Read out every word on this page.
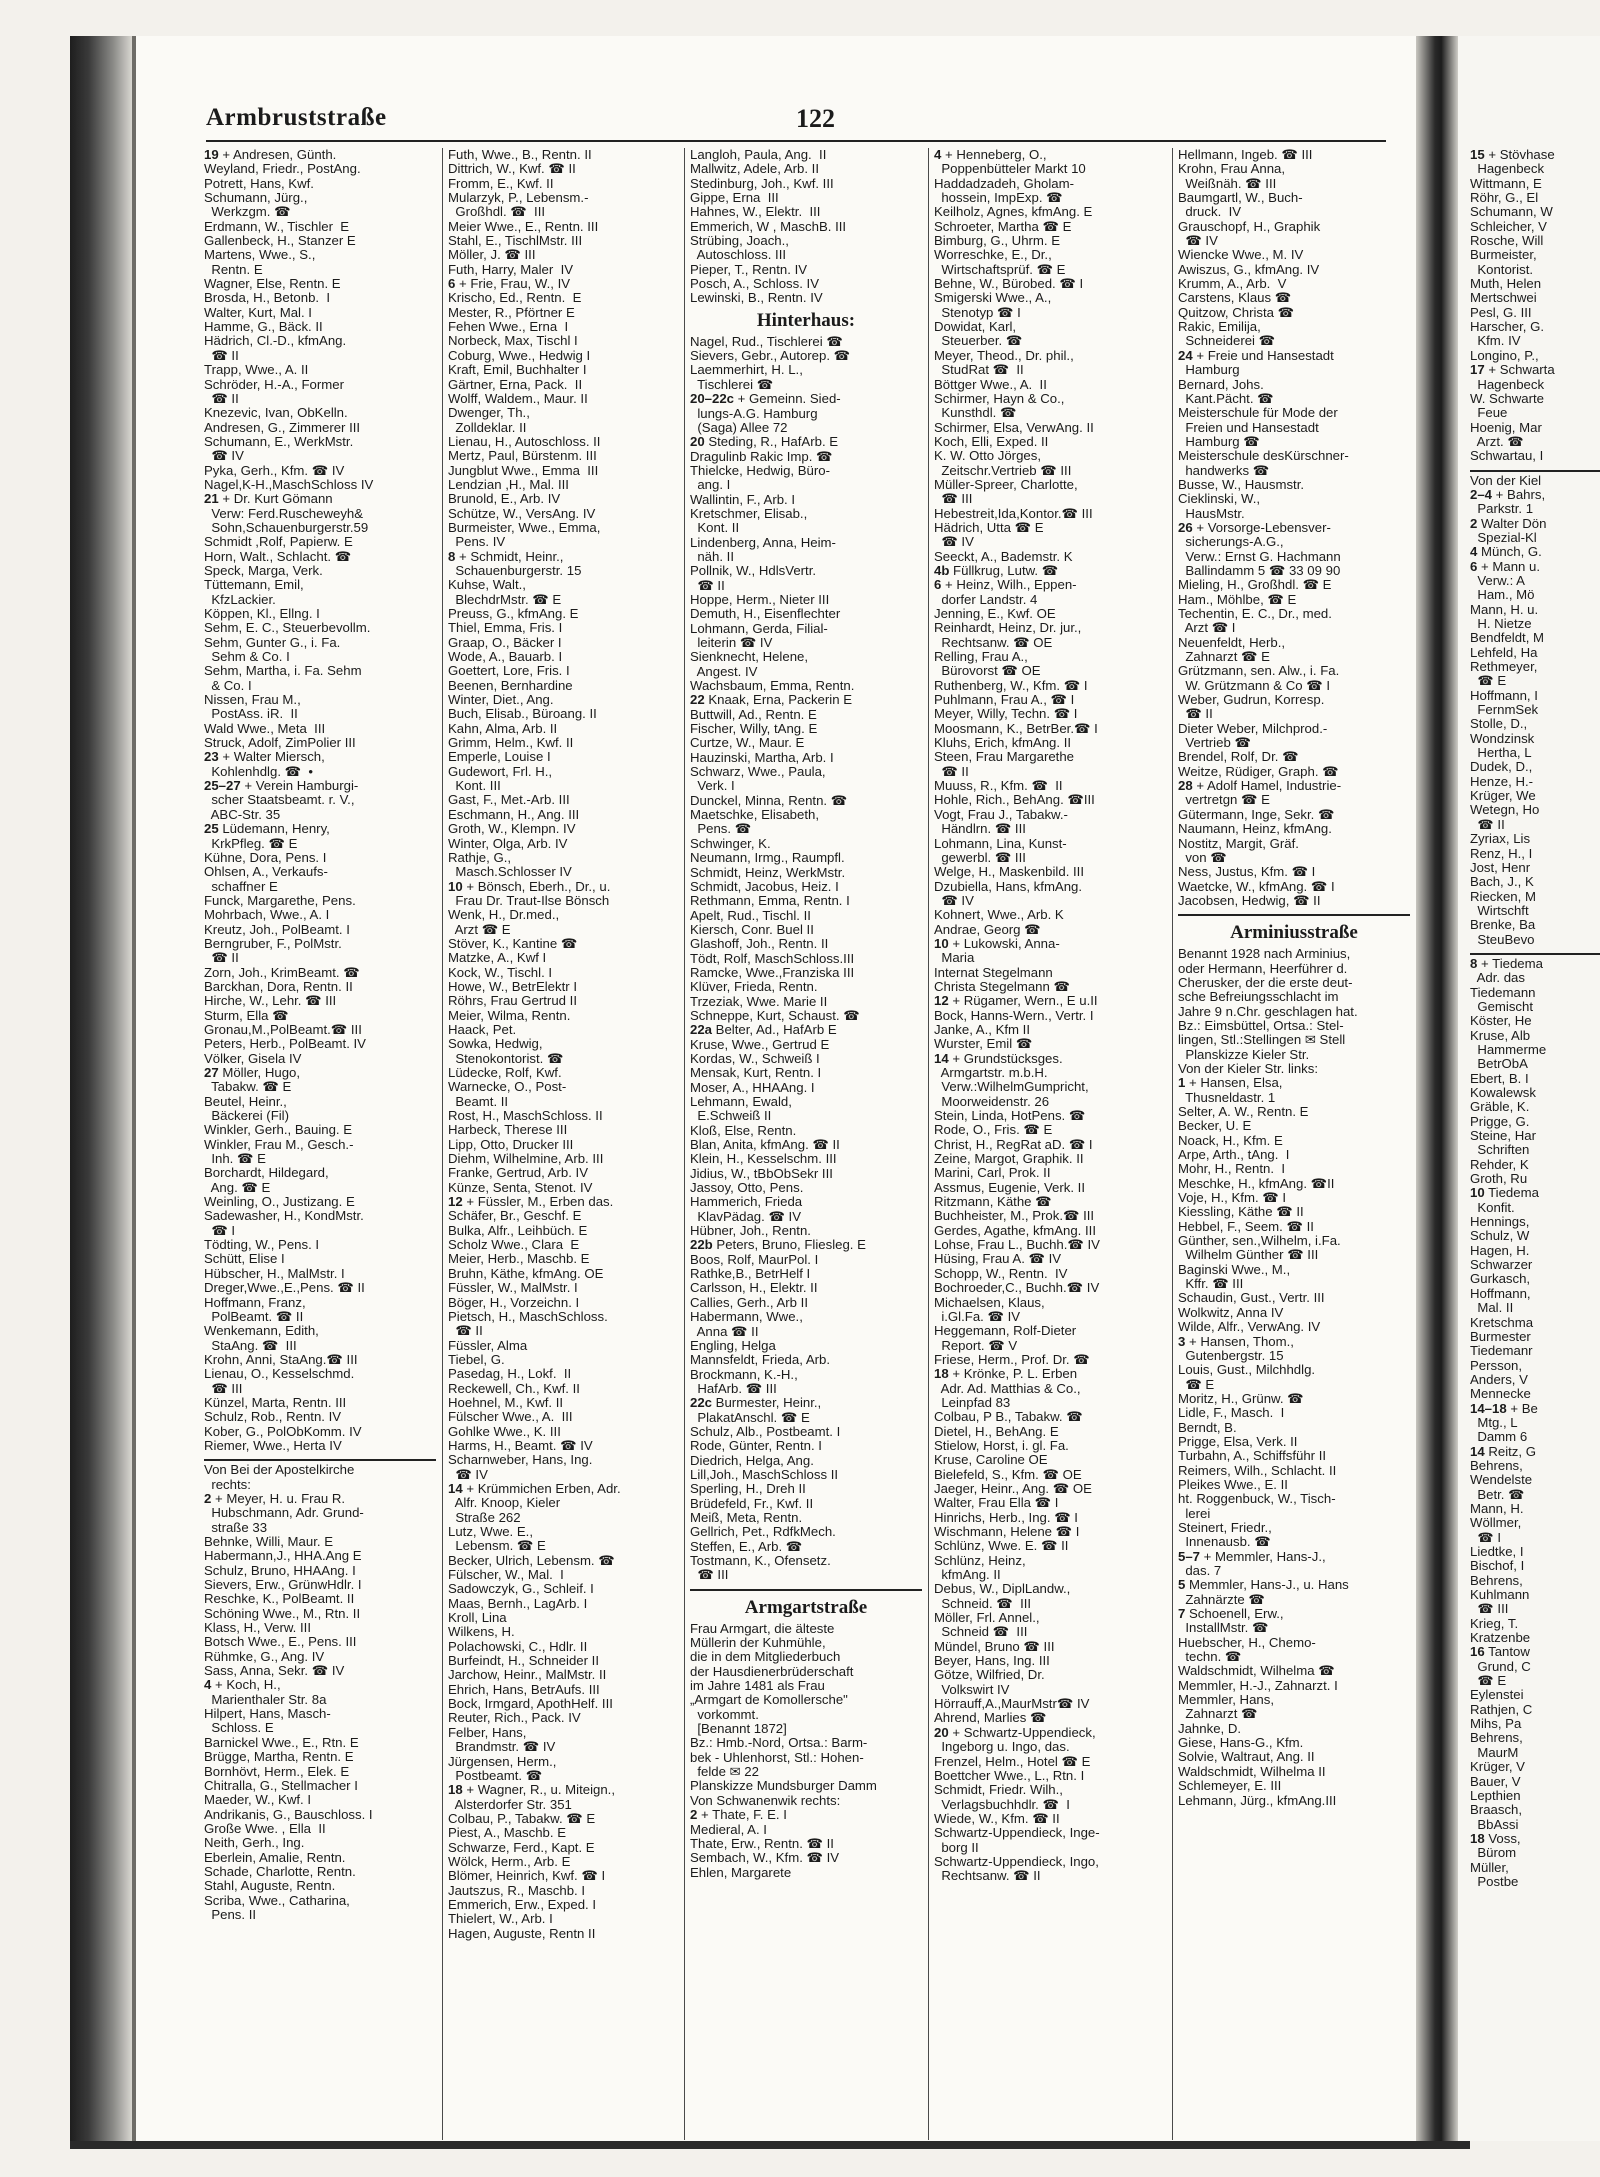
Armbruststraße	122
19 + Andresen, Günth.
Weyland, Friedr., PostAng.
Potrett, Hans, Kwf.
Schumann, Jürg.,
Werkzgm. ☎
Erdmann, W., Tischler  E
Gallenbeck, H., Stanzer E
Martens, Wwe., S.,
Rentn. E
Wagner, Else, Rentn. E
Brosda, H., Betonb.  I
Walter, Kurt, Mal. I
Hamme, G., Bäck. II
Hädrich, Cl.-D., kfmAng.
☎ II
Trapp, Wwe., A. II
Schröder, H.-A., Former
☎ II
Knezevic, Ivan, ObKelln.
Andresen, G., Zimmerer III
Schumann, E., WerkMstr.
☎ IV
Pyka, Gerh., Kfm. ☎ IV
Nagel,K-H.,MaschSchloss IV
21 + Dr. Kurt Gömann
Verw: Ferd.Ruscheweyh&
Sohn,Schauenburgerstr.59
Schmidt ,Rolf, Papierw. E
Horn, Walt., Schlacht. ☎
Speck, Marga, Verk.
Tüttemann, Emil,
KfzLackier.
Köppen, Kl., Ellng. I
Sehm, E. C., Steuerbevollm.
Sehm, Gunter G., i. Fa.
Sehm & Co. I
Sehm, Martha, i. Fa. Sehm
& Co. I
Nissen, Frau M.,
PostAss. iR.  II
Wald Wwe., Meta  III
Struck, Adolf, ZimPolier III
23 + Walter Miersch,
Kohlenhdlg. ☎  •
25–27 + Verein Hamburgi-
scher Staatsbeamt. r. V.,
ABC-Str. 35
25 Lüdemann, Henry,
KrkPfleg. ☎ E
Kühne, Dora, Pens. I
Ohlsen, A., Verkaufs-
schaffner E
Funck, Margarethe, Pens.
Mohrbach, Wwe., A. I
Kreutz, Joh., PolBeamt. I
Berngruber, F., PolMstr.
☎ II
Zorn, Joh., KrimBeamt. ☎
Barckhan, Dora, Rentn. II
Hirche, W., Lehr. ☎ III
Sturm, Ella ☎
Gronau,M.,PolBeamt.☎ III
Peters, Herb., PolBeamt. IV
Völker, Gisela IV
27 Möller, Hugo,
Tabakw. ☎ E
Beutel, Heinr.,
Bäckerei (Fil)
Winkler, Gerh., Bauing. E
Winkler, Frau M., Gesch.-
Inh. ☎ E
Borchardt, Hildegard,
Ang. ☎ E
Weinling, O., Justizang. E
Sadewasher, H., KondMstr.
☎ I
Tödting, W., Pens. I
Schütt, Elise I
Hübscher, H., MalMstr. I
Dreger,Wwe.,E.,Pens. ☎ II
Hoffmann, Franz,
PolBeamt. ☎ II
Wenkemann, Edith,
StaAng. ☎  III
Krohn, Anni, StaAng.☎ III
Lienau, O., Kesselschmd.
☎ III
Künzel, Marta, Rentn. III
Schulz, Rob., Rentn. IV
Kober, G., PolObKomm. IV
Riemer, Wwe., Herta IV
Von Bei der Apostelkirche
rechts:
2 + Meyer, H. u. Frau R.
Hubschmann, Adr. Grund-
straße 33
Behnke, Willi, Maur. E
Habermann,J., HHA.Ang E
Schulz, Bruno, HHAAng. I
Sievers, Erw., GrünwHdlr. I
Reschke, K., PolBeamt. II
Schöning Wwe., M., Rtn. II
Klass, H., Verw. III
Botsch Wwe., E., Pens. III
Rühmke, G., Ang. IV
Sass, Anna, Sekr. ☎ IV
4 + Koch, H.,
Marienthaler Str. 8a
Hilpert, Hans, Masch-
Schloss. E
Barnickel Wwe., E., Rtn. E
Brügge, Martha, Rentn. E
Bornhövt, Herm., Elek. E
Chitralla, G., Stellmacher I
Maeder, W., Kwf. I
Andrikanis, G., Bauschloss. I
Große Wwe. , Ella  II
Neith, Gerh., Ing.
Eberlein, Amalie, Rentn.
Schade, Charlotte, Rentn.
Stahl, Auguste, Rentn.
Scriba, Wwe., Catharina,
Pens. II
Futh, Wwe., B., Rentn. II
Dittrich, W., Kwf. ☎ II
Fromm, E., Kwf. II
Mularzyk, P., Lebensm.-
Großhdl. ☎  III
Meier Wwe., E., Rentn. III
Stahl, E., TischlMstr. III
Möller, J. ☎ III
Futh, Harry, Maler  IV
6 + Frie, Frau, W., IV
Krischo, Ed., Rentn.  E
Mester, R., Pförtner E
Fehen Wwe., Erna  I
Norbeck, Max, Tischl I
Coburg, Wwe., Hedwig I
Kraft, Emil, Buchhalter I
Gärtner, Erna, Pack.  II
Wolff, Waldem., Maur. II
Dwenger, Th.,
Zolldeklar. II
Lienau, H., Autoschloss. II
Mertz, Paul, Bürstenm. III
Jungblut Wwe., Emma  III
Lendzian ,H., Mal. III
Brunold, E., Arb. IV
Schütze, W., VersAng. IV
Burmeister, Wwe., Emma,
Pens. IV
8 + Schmidt, Heinr.,
Schauenburgerstr. 15
Kuhse, Walt.,
BlechdrMstr. ☎ E
Preuss, G., kfmAng. E
Thiel, Emma, Fris. I
Graap, O., Bäcker I
Wode, A., Bauarb. I
Goettert, Lore, Fris. I
Beenen, Bernhardine
Winter, Diet., Ang.
Buch, Elisab., Büroang. II
Kahn, Alma, Arb. II
Grimm, Helm., Kwf. II
Emperle, Louise I
Gudewort, Frl. H.,
Kont. III
Gast, F., Met.-Arb. III
Eschmann, H., Ang. III
Groth, W., Klempn. IV
Winter, Olga, Arb. IV
Rathje, G.,
Masch.Schlosser IV
10 + Bönsch, Eberh., Dr., u.
Frau Dr. Traut-Ilse Bönsch
Wenk, H., Dr.med.,
Arzt ☎ E
Stöver, K., Kantine ☎
Matzke, A., Kwf I
Kock, W., Tischl. I
Howe, W., BetrElektr I
Röhrs, Frau Gertrud II
Meier, Wilma, Rentn.
Haack, Pet.
Sowka, Hedwig,
Stenokontorist. ☎
Lüdecke, Rolf, Kwf.
Warnecke, O., Post-
Beamt. II
Rost, H., MaschSchloss. II
Harbeck, Therese III
Lipp, Otto, Drucker III
Diehm, Wilhelmine, Arb. III
Franke, Gertrud, Arb. IV
Künze, Senta, Stenot. IV
12 + Füssler, M., Erben das.
Schäfer, Br., Geschf. E
Bulka, Alfr., Leihbüch. E
Scholz Wwe., Clara  E
Meier, Herb., Maschb. E
Bruhn, Käthe, kfmAng. OE
Füssler, W., MalMstr. I
Böger, H., Vorzeichn. I
Pietsch, H., MaschSchloss.
☎ II
Füssler, Alma
Tiebel, G.
Pasedag, H., Lokf.  II
Reckewell, Ch., Kwf. II
Hoehnel, M., Kwf. II
Fülscher Wwe., A.  III
Gohlke Wwe., K. III
Harms, H., Beamt. ☎ IV
Scharnweber, Hans, Ing.
☎ IV
14 + Krümmichen Erben, Adr.
Alfr. Knoop, Kieler
Straße 262
Lutz, Wwe. E.,
Lebensm. ☎ E
Becker, Ulrich, Lebensm. ☎
Fülscher, W., Mal.  I
Sadowczyk, G., Schleif. I
Maas, Bernh., LagArb. I
Kroll, Lina
Wilkens, H.
Polachowski, C., Hdlr. II
Burfeindt, H., Schneider II
Jarchow, Heinr., MalMstr. II
Ehrich, Hans, BetrAufs. III
Bock, Irmgard, ApothHelf. III
Reuter, Rich., Pack. IV
Felber, Hans,
Brandmstr. ☎ IV
Jürgensen, Herm.,
Postbeamt. ☎
18 + Wagner, R., u. Miteign.,
Alsterdorfer Str. 351
Colbau, P., Tabakw. ☎ E
Piest, A., Maschb. E
Schwarze, Ferd., Kapt. E
Wölck, Herm., Arb. E
Blömer, Heinrich, Kwf. ☎ I
Jautszus, R., Maschb. I
Emmerich, Erw., Exped. I
Thielert, W., Arb. I
Hagen, Auguste, Rentn II
Langloh, Paula, Ang.  II
Mallwitz, Adele, Arb. II
Stedinburg, Joh., Kwf. III
Gippe, Erna  III
Hahnes, W., Elektr.  III
Emmerich, W , MaschB. III
Strübing, Joach.,
Autoschloss. III
Pieper, T., Rentn. IV
Posch, A., Schloss. IV
Lewinski, B., Rentn. IV
Hinterhaus:
Nagel, Rud., Tischlerei ☎
Sievers, Gebr., Autorep. ☎
Laemmerhirt, H. L.,
Tischlerei ☎
20–22c + Gemeinn. Sied-
lungs-A.G. Hamburg
(Saga) Allee 72
20 Steding, R., HafArb. E
Dragulinb Rakic Imp. ☎
Thielcke, Hedwig, Büro-
ang. I
Wallintin, F., Arb. I
Kretschmer, Elisab.,
Kont. II
Lindenberg, Anna, Heim-
näh. II
Pollnik, W., HdlsVertr.
☎ II
Hoppe, Herm., Nieter III
Demuth, H., Eisenflechter
Lohmann, Gerda, Filial-
leiterin ☎ IV
Sienknecht, Helene,
Angest. IV
Wachsbaum, Emma, Rentn.
22 Knaak, Erna, Packerin E
Buttwill, Ad., Rentn. E
Fischer, Willy, tAng. E
Curtze, W., Maur. E
Hauzinski, Martha, Arb. I
Schwarz, Wwe., Paula,
Verk. I
Dunckel, Minna, Rentn. ☎
Maetschke, Elisabeth,
Pens. ☎
Schwinger, K.
Neumann, Irmg., Raumpfl.
Schmidt, Heinz, WerkMstr.
Schmidt, Jacobus, Heiz. I
Rethmann, Emma, Rentn. I
Apelt, Rud., Tischl. II
Kiersch, Conr. Buel II
Glashoff, Joh., Rentn. II
Tödt, Rolf, MaschSchloss.III
Ramcke, Wwe.,Franziska III
Klüver, Frieda, Rentn.
Trzeziak, Wwe. Marie II
Schneppe, Kurt, Schaust. ☎
22a Belter, Ad., HafArb E
Kruse, Wwe., Gertrud E
Kordas, W., Schweiß I
Mensak, Kurt, Rentn. I
Moser, A., HHAAng. I
Lehmann, Ewald,
E.Schweiß II
Kloß, Else, Rentn.
Blan, Anita, kfmAng. ☎ II
Klein, H., Kesselschm. III
Jidius, W., tBbObSekr III
Jassoy, Otto, Pens.
Hammerich, Frieda
KlavPädag. ☎ IV
Hübner, Joh., Rentn.
22b Peters, Bruno, Fliesleg. E
Boos, Rolf, MaurPol. I
Rathke,B., BetrHelf I
Carlsson, H., Elektr. II
Callies, Gerh., Arb II
Habermann, Wwe.,
Anna ☎ II
Engling, Helga
Mannsfeldt, Frieda, Arb.
Brockmann, K.-H.,
HafArb. ☎ III
22c Burmester, Heinr.,
PlakatAnschl. ☎ E
Schulz, Alb., Postbeamt. I
Rode, Günter, Rentn. I
Diedrich, Helga, Ang.
Lill,Joh., MaschSchloss II
Sperling, H., Dreh II
Brüdefeld, Fr., Kwf. II
Meiß, Meta, Rentn.
Gellrich, Pet., RdfkMech.
Steffen, E., Arb. ☎
Tostmann, K., Ofensetz.
☎ III
Armgartstraße
Frau Armgart, die älteste
Müllerin der Kuhmühle,
die in dem Mitgliederbuch
der Hausdienerbrüderschaft
im Jahre 1481 als Frau
„Armgart de Komollersche"
vorkommt.
[Benannt 1872]
Bz.: Hmb.-Nord, Ortsa.: Barm-
bek - Uhlenhorst, Stl.: Hohen-
felde ✉ 22
Planskizze Mundsburger Damm
Von Schwanenwik rechts:
2 + Thate, F. E. I
Medieral, A. I
Thate, Erw., Rentn. ☎ II
Sembach, W., Kfm. ☎ IV
Ehlen, Margarete
4 + Henneberg, O.,
Poppenbütteler Markt 10
Haddadzadeh, Gholam-
hossein, ImpExp. ☎
Keilholz, Agnes, kfmAng. E
Schroeter, Martha ☎ E
Bimburg, G., Uhrm. E
Worreschke, E., Dr.,
Wirtschaftsprüf. ☎ E
Behne, W., Bürobed. ☎ I
Smigerski Wwe., A.,
Stenotyp ☎ I
Dowidat, Karl,
Steuerber. ☎
Meyer, Theod., Dr. phil.,
StudRat ☎  II
Böttger Wwe., A.  II
Schirmer, Hayn & Co.,
Kunsthdl. ☎
Schirmer, Elsa, VerwAng. II
Koch, Elli, Exped. II
K. W. Otto Jörges,
Zeitschr.Vertrieb ☎ III
Müller-Spreer, Charlotte,
☎ III
Hebestreit,Ida,Kontor.☎ III
Hädrich, Utta ☎ E
☎ IV
Seeckt, A., Bademstr. K
4b Füllkrug, Lutw. ☎
6 + Heinz, Wilh., Eppen-
dorfer Landstr. 4
Jenning, E., Kwf. OE
Reinhardt, Heinz, Dr. jur.,
Rechtsanw. ☎ OE
Relling, Frau A.,
Bürovorst ☎ OE
Ruthenberg, W., Kfm. ☎ I
Puhlmann, Frau A., ☎ I
Meyer, Willy, Techn. ☎ I
Moosmann, K., BetrBer.☎ I
Kluhs, Erich, kfmAng. II
Steen, Frau Margarethe
☎ II
Muuss, R., Kfm. ☎  II
Hohle, Rich., BehAng. ☎III
Vogt, Frau J., Tabakw.-
Händlrn. ☎ III
Lohmann, Lina, Kunst-
gewerbl. ☎ III
Welge, H., Maskenbild. III
Dzubiella, Hans, kfmAng.
☎ IV
Kohnert, Wwe., Arb. K
Andrae, Georg ☎
10 + Lukowski, Anna-
Maria
Internat Stegelmann
Christa Stegelmann ☎
12 + Rügamer, Wern., E u.II
Bock, Hanns-Wern., Vertr. I
Janke, A., Kfm II
Wurster, Emil ☎
14 + Grundstücksges.
Armgartstr. m.b.H.
Verw.:WilhelmGumpricht,
Moorweidenstr. 26
Stein, Linda, HotPens. ☎
Rode, O., Fris. ☎ E
Christ, H., RegRat aD. ☎ I
Zeine, Margot, Graphik. II
Marini, Carl, Prok. II
Assmus, Eugenie, Verk. II
Ritzmann, Käthe ☎
Buchheister, M., Prok.☎ III
Gerdes, Agathe, kfmAng. III
Lohse, Frau L., Buchh.☎ IV
Hüsing, Frau A. ☎ IV
Schopp, W., Rentn.  IV
Bochroeder,C., Buchh.☎ IV
Michaelsen, Klaus,
i.Gl.Fa. ☎ IV
Heggemann, Rolf-Dieter
Report. ☎ V
Friese, Herm., Prof. Dr. ☎
18 + Krönke, P. L. Erben
Adr. Ad. Matthias & Co.,
Leinpfad 83
Colbau, P B., Tabakw. ☎
Dietel, H., BehAng. E
Stielow, Horst, i. gl. Fa.
Kruse, Caroline OE
Bielefeld, S., Kfm. ☎ OE
Jaeger, Heinr., Ang. ☎ OE
Walter, Frau Ella ☎ I
Hinrichs, Herb., Ing. ☎ I
Wischmann, Helene ☎ I
Schlünz, Wwe. E. ☎ II
Schlünz, Heinz,
kfmAng. II
Debus, W., DiplLandw.,
Schneid. ☎  III
Möller, Frl. Annel.,
Schneid ☎  III
Mündel, Bruno ☎ III
Beyer, Hans, Ing. III
Götze, Wilfried, Dr.
Volkswirt IV
Hörrauff,A.,MaurMstr☎ IV
Ahrend, Marlies ☎
20 + Schwartz-Uppendieck,
Ingeborg u. Ingo, das.
Frenzel, Helm., Hotel ☎ E
Boettcher Wwe., L., Rtn. I
Schmidt, Friedr. Wilh.,
Verlagsbuchhdlr. ☎  I
Wiede, W., Kfm. ☎ II
Schwartz-Uppendieck, Inge-
borg II
Schwartz-Uppendieck, Ingo,
Rechtsanw. ☎ II
Hellmann, Ingeb. ☎ III
Krohn, Frau Anna,
Weißnäh. ☎ III
Baumgartl, W., Buch-
druck.  IV
Grauschopf, H., Graphik
☎ IV
Wiencke Wwe., M. IV
Awiszus, G., kfmAng. IV
Krumm, A., Arb.  V
Carstens, Klaus ☎
Quitzow, Christa ☎
Rakic, Emilija,
Schneiderei ☎
24 + Freie und Hansestadt
Hamburg
Bernard, Johs.
Kant.Pächt. ☎
Meisterschule für Mode der
Freien und Hansestadt
Hamburg ☎
Meisterschule desKürschner-
handwerks ☎
Busse, W., Hausmstr.
Cieklinski, W.,
HausMstr.
26 + Vorsorge-Lebensver-
sicherungs-A.G.,
Verw.: Ernst G. Hachmann
Ballindamm 5 ☎ 33 09 90
Mieling, H., Großhdl. ☎ E
Ham., Möhlbe, ☎ E
Techentin, E. C., Dr., med.
Arzt ☎ I
Neuenfeldt, Herb.,
Zahnarzt ☎ E
Grützmann, sen. Alw., i. Fa.
W. Grützmann & Co ☎ I
Weber, Gudrun, Korresp.
☎ II
Dieter Weber, Milchprod.-
Vertrieb ☎
Brendel, Rolf, Dr. ☎
Weitze, Rüdiger, Graph. ☎
28 + Adolf Hamel, Industrie-
vertretgn ☎ E
Gütermann, Inge, Sekr. ☎
Naumann, Heinz, kfmAng.
Nostitz, Margit, Gräf.
von ☎
Ness, Justus, Kfm. ☎ I
Waetcke, W., kfmAng. ☎ I
Jacobsen, Hedwig, ☎ II
Arminiusstraße
Benannt 1928 nach Arminius,
oder Hermann, Heerführer d.
Cherusker, der die erste deut-
sche Befreiungsschlacht im
Jahre 9 n.Chr. geschlagen hat.
Bz.: Eimsbüttel, Ortsa.: Stel-
lingen, Stl.:Stellingen ✉ Stell
Planskizze Kieler Str.
Von der Kieler Str. links:
1 + Hansen, Elsa,
Thusneldastr. 1
Selter, A. W., Rentn. E
Becker, U. E
Noack, H., Kfm. E
Arpe, Arth., tAng.  I
Mohr, H., Rentn.  I
Meschke, H., kfmAng. ☎II
Voje, H., Kfm. ☎ I
Kiessling, Käthe ☎ II
Hebbel, F., Seem. ☎ II
Günther, sen.,Wilhelm, i.Fa.
Wilhelm Günther ☎ III
Baginski Wwe., M.,
Kffr. ☎ III
Schaudin, Gust., Vertr. III
Wolkwitz, Anna IV
Wilde, Alfr., VerwAng. IV
3 + Hansen, Thom.,
Gutenbergstr. 15
Louis, Gust., Milchhdlg.
☎ E
Moritz, H., Grünw. ☎
Lidle, F., Masch.  I
Berndt, B.
Prigge, Elsa, Verk. II
Turbahn, A., Schiffsführ II
Reimers, Wilh., Schlacht. II
Pleikes Wwe., E. II
ht. Roggenbuck, W., Tisch-
lerei
Steinert, Friedr.,
Innenausb. ☎
5–7 + Memmler, Hans-J.,
das. 7
5 Memmler, Hans-J., u. Hans
Zahnärzte ☎
7 Schoenell, Erw.,
InstallMstr. ☎
Huebscher, H., Chemo-
techn. ☎
Waldschmidt, Wilhelma ☎
Memmler, H.-J., Zahnarzt. I
Memmler, Hans,
Zahnarzt ☎
Jahnke, D.
Giese, Hans-G., Kfm.
Solvie, Waltraut, Ang. II
Waldschmidt, Wilhelma II
Schlemeyer, E. III
Lehmann, Jürg., kfmAng.III
15 + Stövhase
Hagenbeck
Wittmann, E
Röhr, G., El
Schumann, W
Schleicher, V
Rosche, Will
Burmeister,
Kontorist.
Muth, Helen
Mertschwei
Pesl, G. III
Harscher, G.
Kfm. IV
Longino, P.,
17 + Schwarta
Hagenbeck
W. Schwarte
Feue
Hoenig, Mar
Arzt. ☎
Schwartau, I
Von der Kiel
2–4 + Bahrs,
Parkstr. 1
2 Walter Dön
Spezial-Kl
4 Münch, G.
6 + Mann u.
Verw.: A
Ham., Mö
Mann, H. u.
H. Nietze
Bendfeldt, M
Lehfeld, Ha
Rethmeyer,
☎ E
Hoffmann, I
FernmSek
Stolle, D.,
Wondzinsk
Hertha, L
Dudek, D.,
Henze, H.-
Krüger, We
Wetegn, Ho
☎ II
Zyriax, Lis
Renz, H., I
Jost, Henr
Bach, J., K
Riecken, M
Wirtschft
Brenke, Ba
SteuBevo
8 + Tiedema
Adr. das
Tiedemann
Gemischt
Köster, He
Kruse, Alb
Hammerme
BetrObA
Ebert, B. I
Kowalewsk
Gräble, K.
Prigge, G.
Steine, Har
Schriften
Rehder, K
Groth, Ru
10 Tiedema
Konfit.
Hennings,
Schulz, W
Hagen, H.
Schwarzer
Gurkasch,
Hoffmann,
Mal. II
Kretschma
Burmester
Tiedemanr
Persson,
Anders, V
Mennecke
14–18 + Be
Mtg., L
Damm 6
14 Reitz, G
Behrens,
Wendelste
Betr. ☎
Mann, H.
Wöllmer,
☎ I
Liedtke, I
Bischof, I
Behrens,
Kuhlmann
☎ III
Krieg, T.
Kratzenbe
16 Tantow
Grund, C
☎ E
Eylenstei
Rathjen, C
Mihs, Pa
Behrens,
MaurM
Krüger, V
Bauer, V
Lepthien
Braasch,
BbAssi
18 Voss,
Bürom
Müller,
Postbe
